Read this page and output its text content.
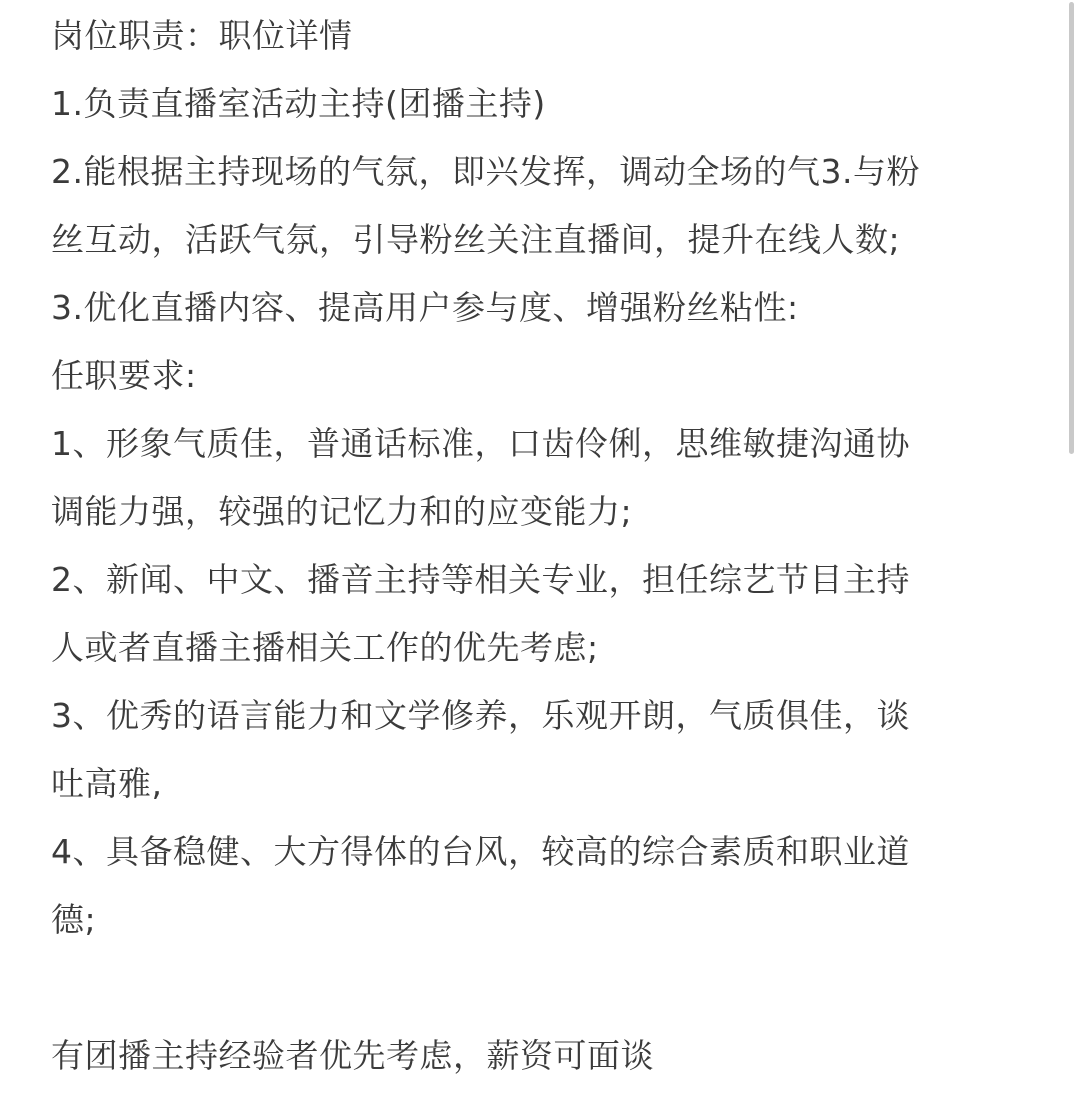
岗位职责：职位详情
1.负责直播室活动主持(团播主持)
2.能根据主持现场的气氛，即兴发挥，调动全场的气3.与粉
丝互动，活跃气氛，引导粉丝关注直播间，提升在线人数;
3.优化直播内容、提高用户参与度、增强粉丝粘性:
任职要求:
1、形象气质佳，普通话标准，口齿伶俐，思维敏捷沟通协
调能力强，较强的记忆力和的应变能力;
2、新闻、中文、播音主持等相关专业，担任综艺节目主持
人或者直播主播相关工作的优先考虑;
3、优秀的语言能力和文学修养，乐观开朗，气质俱佳，谈
吐高雅,
4、具备稳健、大方得体的台风，较高的综合素质和职业道
德;
有团播主持经验者优先考虑，薪资可面谈
